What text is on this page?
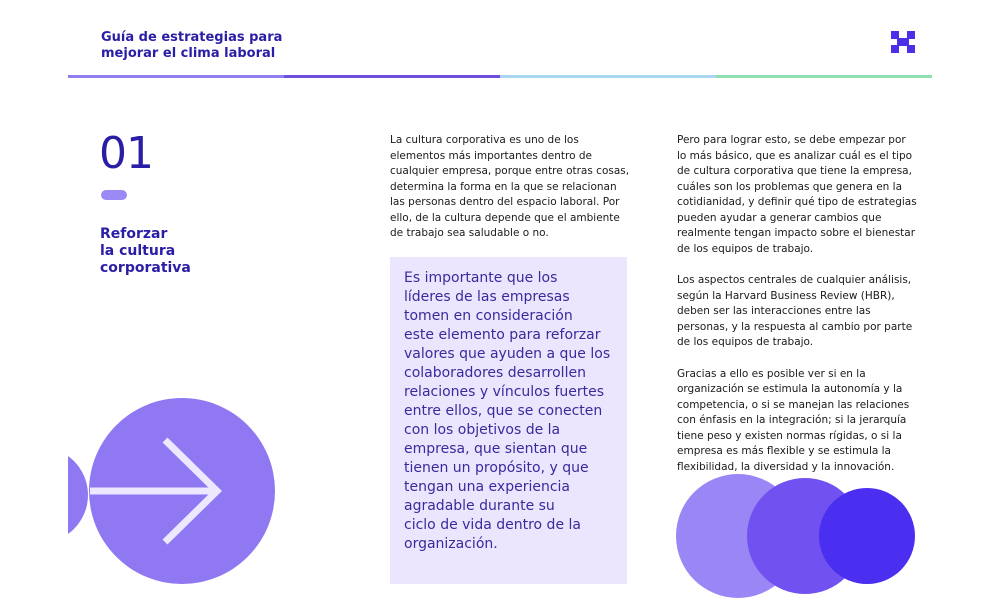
Guía de estrategias para
mejorar el clima laboral
01
Reforzar
la cultura
corporativa

La cultura corporativa es uno de los elementos más importantes dentro de cualquier empresa, porque entre otras cosas, determina la forma en la que se relacionan las personas dentro del espacio laboral. Por ello, de la cultura depende que el ambiente de trabajo sea saludable o no.

Es importante que los
líderes de las empresas
tomen en consideración
este elemento para reforzar
valores que ayuden a que los
colaboradores desarrollen
relaciones y vínculos fuertes
entre ellos, que se conecten
con los objetivos de la
empresa, que sientan que
tienen un propósito, y que
tengan una experiencia
agradable durante su
ciclo de vida dentro de la
organización.

Pero para lograr esto, se debe empezar por lo más básico, que es analizar cuál es el tipo de cultura corporativa que tiene la empresa, cuáles son los problemas que genera en la cotidianidad, y definir qué tipo de estrategias pueden ayudar a generar cambios que realmente tengan impacto sobre el bienestar de los equipos de trabajo.

Los aspectos centrales de cualquier análisis, según la Harvard Business Review (HBR), deben ser las interacciones entre las personas, y la respuesta al cambio por parte de los equipos de trabajo.

Gracias a ello es posible ver si en la organización se estimula la autonomía y la competencia, o si se manejan las relaciones con énfasis en la integración; si la jerarquía tiene peso y existen normas rígidas, o si la empresa es más flexible y se estimula la flexibilidad, la diversidad y la innovación.
